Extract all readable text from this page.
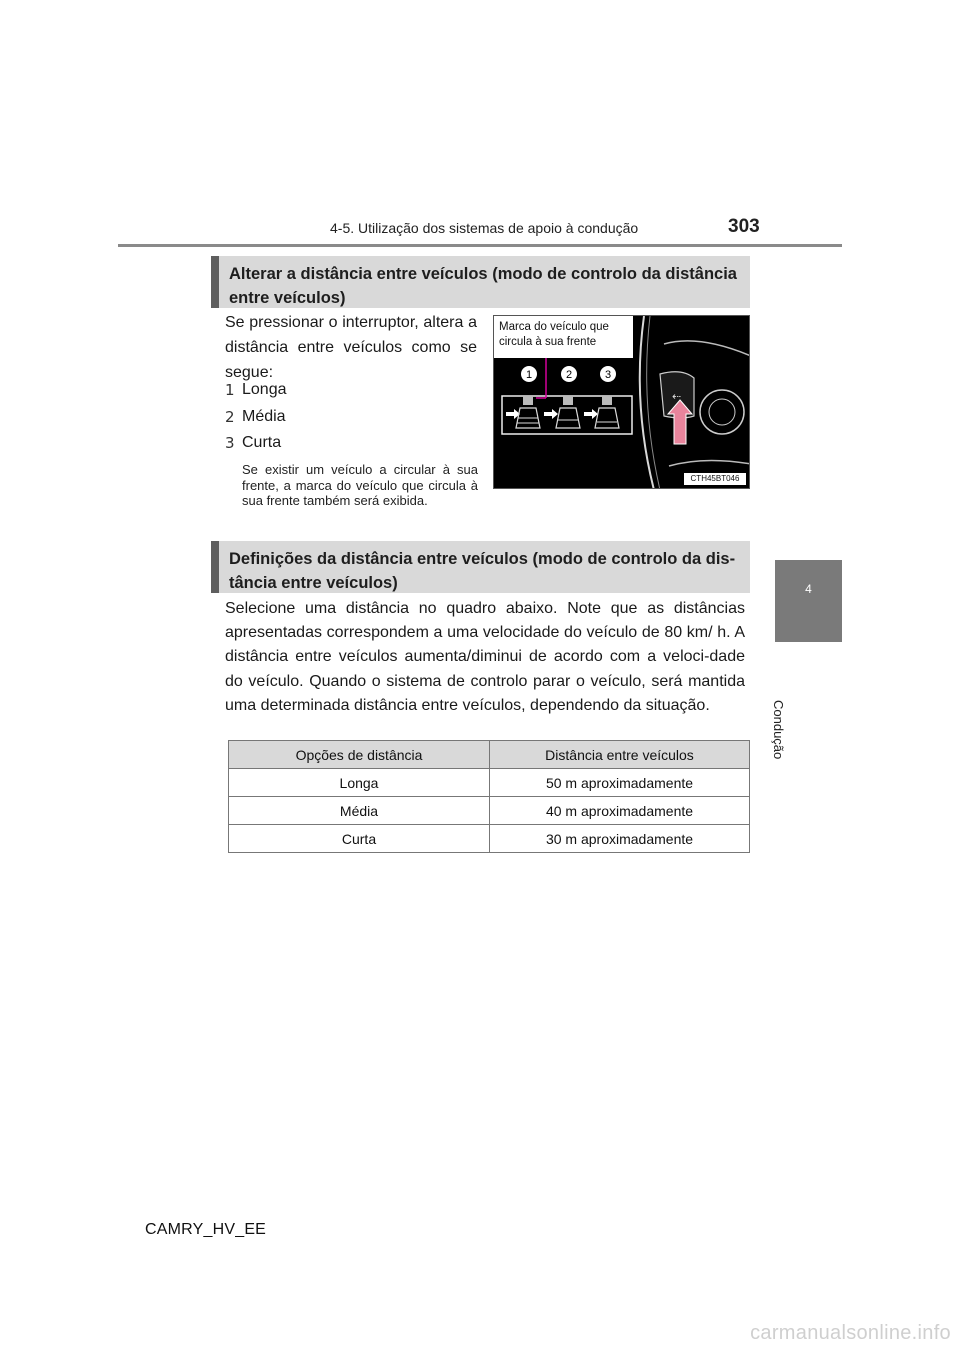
4-5. Utilização dos sistemas de apoio à condução	303
4
Condução
Alterar a distância entre veículos (modo de controlo da distância entre veículos)
Se pressionar o interruptor, altera a distância entre veículos como se segue:
1 Longa
2 Média
3 Curta
Se existir um veículo a circular à sua frente, a marca do veículo que circula à sua frente também será exibida.
⇠
1	2	3
Marca do veículo que circula à sua frente
CTH45BT046
Definições da distância entre veículos (modo de controlo da dis-tância entre veículos)
Selecione uma distância no quadro abaixo. Note que as distâncias apresentadas correspondem a uma velocidade do veículo de 80 km/ h. A distância entre veículos aumenta/diminui de acordo com a veloci-dade do veículo. Quando o sistema de controlo parar o veículo, será mantida uma determinada distância entre veículos, dependendo da situação.
Opções de distância	Distância entre veículos
Longa	50 m aproximadamente
Média	40 m aproximadamente
Curta	30 m aproximadamente
CAMRY_HV_EE
carmanualsonline.info
